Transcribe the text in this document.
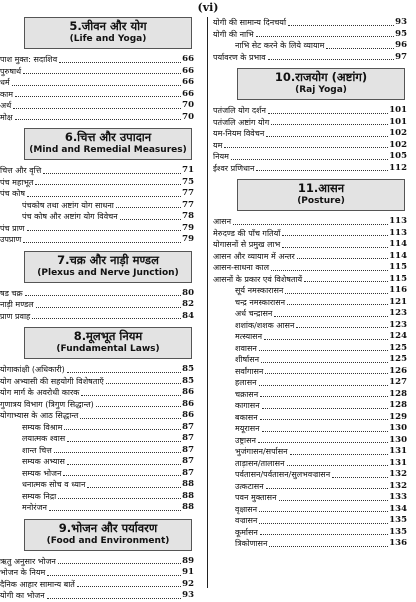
(vi)
5.जीवन और योग
(Life and Yoga)
पाश मुक्त: सदाशिव	66
पुरुषार्थ	66
धर्म	66
काम	66
अर्थ	70
मोक्ष	70
6.चित्त और उपादान
(Mind and Remedial Measures)
चित्त और वृत्ति	71
पंच महाभूत	75
पंच कोष	77
पंचकोष तथा अष्टांग योग साधना	77
पंच कोष और अष्टांग योग विवेचन	78
पंच प्राण	79
उपप्राण	79
7.चक्र और नाड़ी मण्डल
(Plexus and Nerve Junction)
षड चक्र	80
नाड़ी मण्डल	82
प्राण प्रवाह	84
8.मूलभूत नियम
(Fundamental Laws)
योगाकांक्षी (अधिकारी)	85
योग अभ्यासी की सहयोगी विशेषताएँ	85
योग मार्ग के अवरोधी कारक	86
गुणात्रय विभाग (त्रिगुण सिद्धान्त)	86
योगाभ्यास के आठ सिद्धान्त	86
सम्यक विश्राम	87
लयात्मक श्‍वास	87
शान्त चित्त	87
सम्यक अभ्यास	87
सम्यक भोजन	87
धनात्मक सोच व ध्यान	88
सम्यक निद्रा	88
मनोरंजन	88
9.भोजन और पर्यावरण
(Food and Environment)
ऋतु अनुसार भोजन	89
भोजन के नियम	91
दैनिक आहार सामान्य बातें	92
योगी का भोजन	93
योगी की सामान्य दिनचर्या	93
योगी की नाभि	95
नाभि सेट करने के लिये व्यायाम	96
पर्यावरण के प्रभाव	97
10.राजयोग (अष्टांग)
(Raj Yoga)
पतंजलि योग दर्शन	101
पतंजलि अष्टांग योग	101
यम-नियम विवेचन	102
यम	102
नियम	105
ईश्‍वर प्रणिधान	112
11.आसन
(Posture)
आसन	113
मेरुदण्ड की पाँच गतियाँ	113
योगासनों से प्रमुख लाभ	114
आसन और व्यायाम में अन्तर	114
आसन-साधना काल	115
आसनों के प्रकार एवं विशेषतायें	115
सूर्य नमस्कारासन	116
चन्द्र नमस्कारासन	121
अर्ध चन्द्रासन	123
शशांक/शशक आसन	123
मत्स्यासन	124
शवासन	125
शीर्षासन	125
सर्वांगासन	126
हलासन	127
चक्रासन	128
कागासन	128
बकासन	129
मयूरासन	130
उष्ट्रासन	130
भुजंगासन/सर्पासन	131
ताड़ासन/तालासन	131
पर्वतासन/पर्वतासन/सुलभवज्रासन	132
उत्कटासन	132
पवन मुक्तासन	133
वृक्षासन	134
वज्रासन	135
कूर्मासन	135
त्रिकोणासन	136
